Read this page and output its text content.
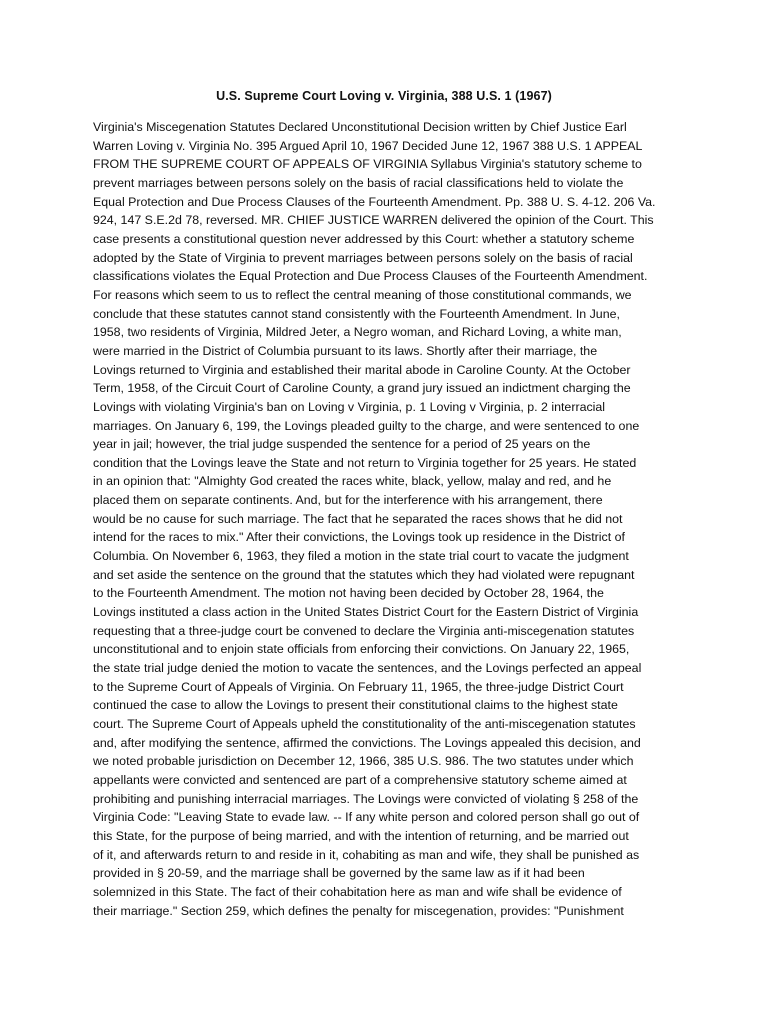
U.S. Supreme Court Loving v. Virginia, 388 U.S. 1 (1967)
Virginia's Miscegenation Statutes Declared Unconstitutional Decision written by Chief Justice Earl
Warren Loving v. Virginia No. 395 Argued April 10, 1967 Decided June 12, 1967 388 U.S. 1 APPEAL
FROM THE SUPREME COURT OF APPEALS OF VIRGINIA Syllabus Virginia's statutory scheme to
prevent marriages between persons solely on the basis of racial classifications held to violate the
Equal Protection and Due Process Clauses of the Fourteenth Amendment. Pp. 388 U. S. 4-12. 206 Va.
924, 147 S.E.2d 78, reversed. MR. CHIEF JUSTICE WARREN delivered the opinion of the Court. This
case presents a constitutional question never addressed by this Court: whether a statutory scheme
adopted by the State of Virginia to prevent marriages between persons solely on the basis of racial
classifications violates the Equal Protection and Due Process Clauses of the Fourteenth Amendment.
For reasons which seem to us to reflect the central meaning of those constitutional commands, we
conclude that these statutes cannot stand consistently with the Fourteenth Amendment. In June,
1958, two residents of Virginia, Mildred Jeter, a Negro woman, and Richard Loving, a white man,
were married in the District of Columbia pursuant to its laws. Shortly after their marriage, the
Lovings returned to Virginia and established their marital abode in Caroline County. At the October
Term, 1958, of the Circuit Court of Caroline County, a grand jury issued an indictment charging the
Lovings with violating Virginia's ban on Loving v Virginia, p. 1 Loving v Virginia, p. 2 interracial
marriages. On January 6, 199, the Lovings pleaded guilty to the charge, and were sentenced to one
year in jail; however, the trial judge suspended the sentence for a period of 25 years on the
condition that the Lovings leave the State and not return to Virginia together for 25 years. He stated
in an opinion that: "Almighty God created the races white, black, yellow, malay and red, and he
placed them on separate continents. And, but for the interference with his arrangement, there
would be no cause for such marriage. The fact that he separated the races shows that he did not
intend for the races to mix." After their convictions, the Lovings took up residence in the District of
Columbia. On November 6, 1963, they filed a motion in the state trial court to vacate the judgment
and set aside the sentence on the ground that the statutes which they had violated were repugnant
to the Fourteenth Amendment. The motion not having been decided by October 28, 1964, the
Lovings instituted a class action in the United States District Court for the Eastern District of Virginia
requesting that a three-judge court be convened to declare the Virginia anti-miscegenation statutes
unconstitutional and to enjoin state officials from enforcing their convictions. On January 22, 1965,
the state trial judge denied the motion to vacate the sentences, and the Lovings perfected an appeal
to the Supreme Court of Appeals of Virginia. On February 11, 1965, the three-judge District Court
continued the case to allow the Lovings to present their constitutional claims to the highest state
court. The Supreme Court of Appeals upheld the constitutionality of the anti-miscegenation statutes
and, after modifying the sentence, affirmed the convictions. The Lovings appealed this decision, and
we noted probable jurisdiction on December 12, 1966, 385 U.S. 986. The two statutes under which
appellants were convicted and sentenced are part of a comprehensive statutory scheme aimed at
prohibiting and punishing interracial marriages. The Lovings were convicted of violating § 258 of the
Virginia Code: "Leaving State to evade law. -- If any white person and colored person shall go out of
this State, for the purpose of being married, and with the intention of returning, and be married out
of it, and afterwards return to and reside in it, cohabiting as man and wife, they shall be punished as
provided in § 20-59, and the marriage shall be governed by the same law as if it had been
solemnized in this State. The fact of their cohabitation here as man and wife shall be evidence of
their marriage." Section 259, which defines the penalty for miscegenation, provides: "Punishment
